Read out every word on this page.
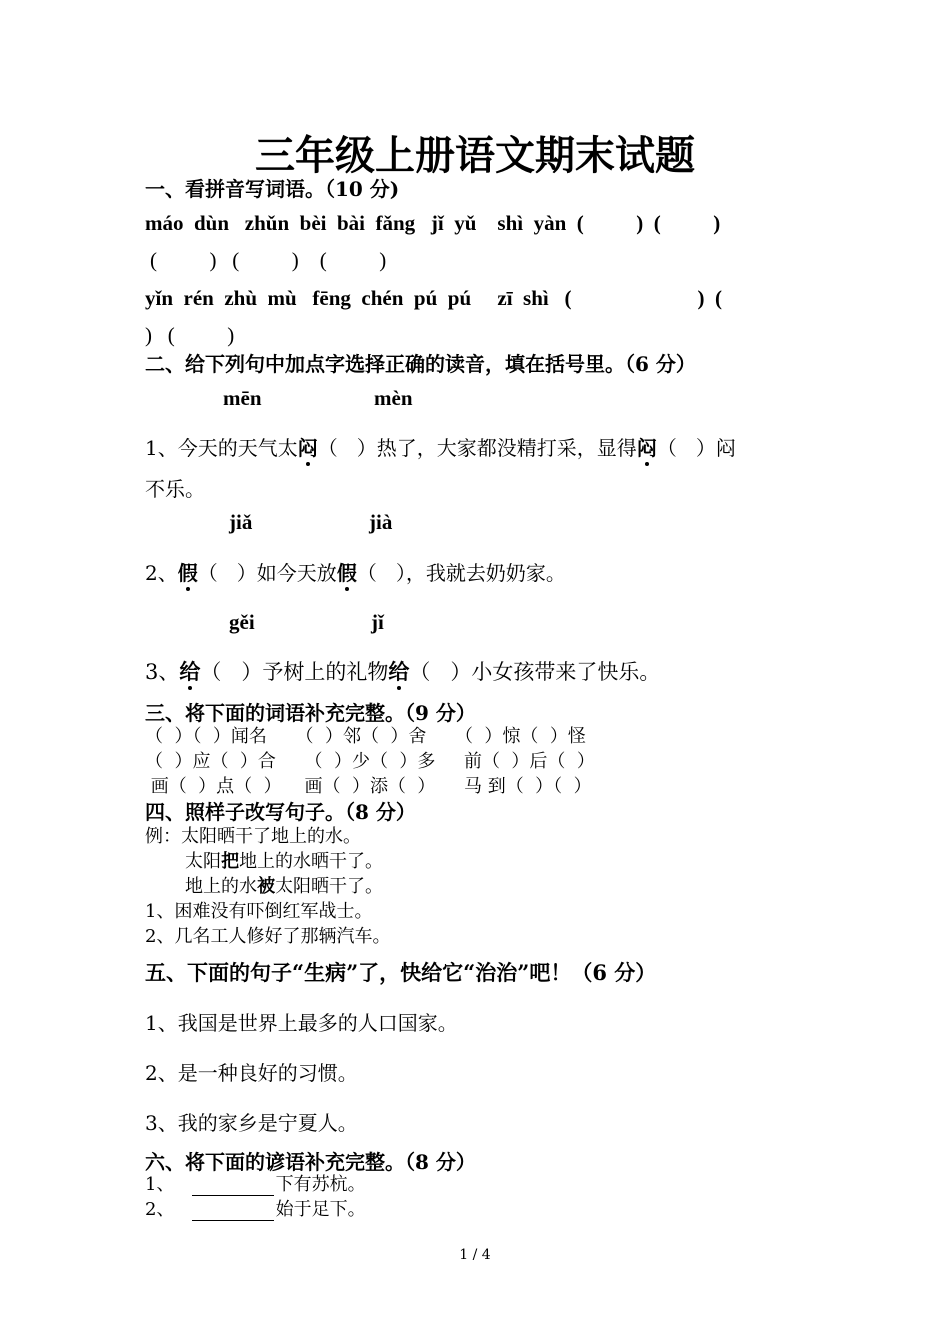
三年级上册语文期末试题
一、看拼音写词语。（10 分)
máo  dùn   zhǔn  bèi  bài  fǎng   jǐ  yǔ    shì  yàn  (          )  (          )
(          )   (          )    (          )
yǐn  rén  zhù  mù   fēng  chén  pú  pú     zī  shì   (                        )  (
)   (          )
二、给下列句中加点字选择正确的读音，填在括号里。（6 分）
mēn	mèn
1、今天的天气太闷（   ）热了，大家都没精打采，显得闷（   ）闷
不乐。
jiǎ	jià
2、假（   ）如今天放假（   ），我就去奶奶家。
gěi	jǐ
3、给（   ）予树上的礼物给（   ）小女孩带来了快乐。
三、将下面的词语补充完整。（9 分）
（  ）（  ）闻名     （  ）邻（  ）舍     （  ）惊（  ）怪
（  ）应（  ）合     （  ）少（  ）多     前（  ）后（  ）
画（  ）点（  ）    画（  ）添（  ）     马 到（  ）（  ）
四、照样子改写句子。（8 分）
例：太阳晒干了地上的水。
太阳把地上的水晒干了。
地上的水被太阳晒干了。
1、困难没有吓倒红军战士。
2、几名工人修好了那辆汽车。
五、下面的句子“生病”了，快给它“治治”吧！（6 分）
1、我国是世界上最多的人口国家。
2、是一种良好的习惯。
3、我的家乡是宁夏人。
六、将下面的谚语补充完整。（8 分）
1、	下有苏杭。
2、	始于足下。
1 / 4
